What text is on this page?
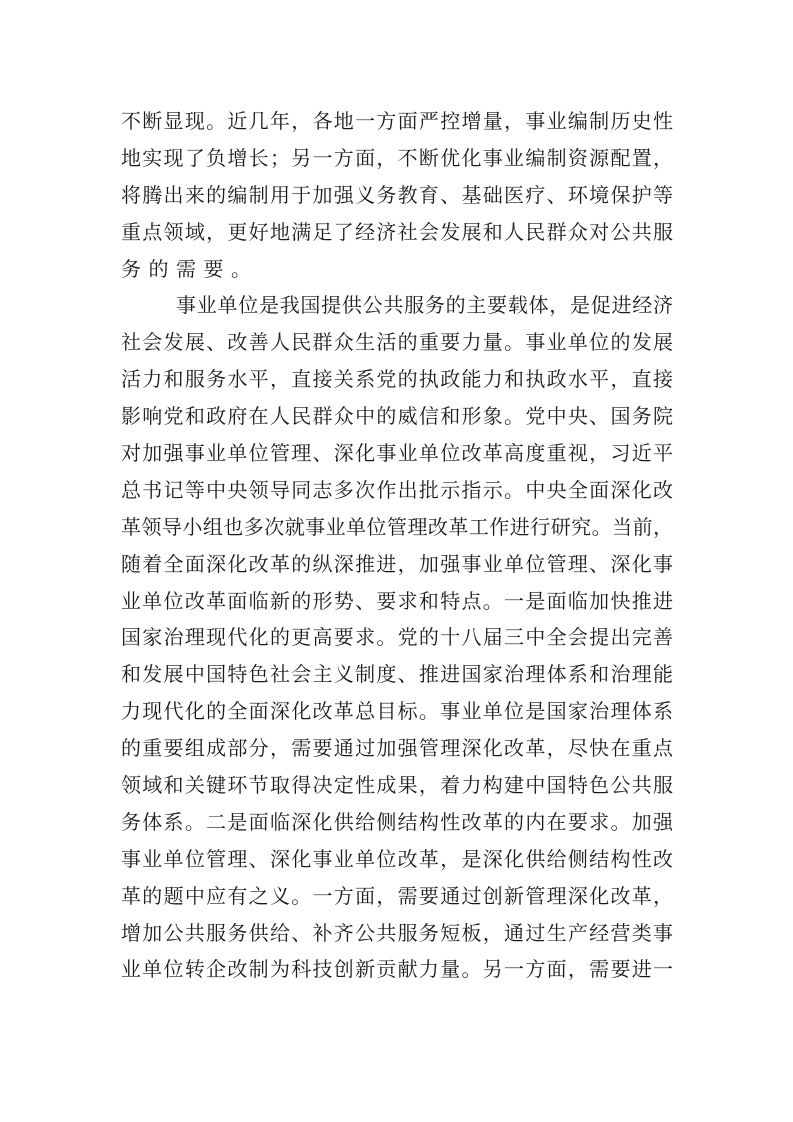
不断显现。近几年，各地一方面严控增量，事业编制历史性
地实现了负增长；另一方面，不断优化事业编制资源配置，
将腾出来的编制用于加强义务教育、基础医疗、环境保护等
重点领域，更好地满足了经济社会发展和人民群众对公共服
务的需要。
事业单位是我国提供公共服务的主要载体，是促进经济
社会发展、改善人民群众生活的重要力量。事业单位的发展
活力和服务水平，直接关系党的执政能力和执政水平，直接
影响党和政府在人民群众中的威信和形象。党中央、国务院
对加强事业单位管理、深化事业单位改革高度重视，习近平
总书记等中央领导同志多次作出批示指示。中央全面深化改
革领导小组也多次就事业单位管理改革工作进行研究。当前，
随着全面深化改革的纵深推进，加强事业单位管理、深化事
业单位改革面临新的形势、要求和特点。一是面临加快推进
国家治理现代化的更高要求。党的十八届三中全会提出完善
和发展中国特色社会主义制度、推进国家治理体系和治理能
力现代化的全面深化改革总目标。事业单位是国家治理体系
的重要组成部分，需要通过加强管理深化改革，尽快在重点
领域和关键环节取得决定性成果，着力构建中国特色公共服
务体系。二是面临深化供给侧结构性改革的内在要求。加强
事业单位管理、深化事业单位改革，是深化供给侧结构性改
革的题中应有之义。一方面，需要通过创新管理深化改革，
增加公共服务供给、补齐公共服务短板，通过生产经营类事
业单位转企改制为科技创新贡献力量。另一方面，需要进一
